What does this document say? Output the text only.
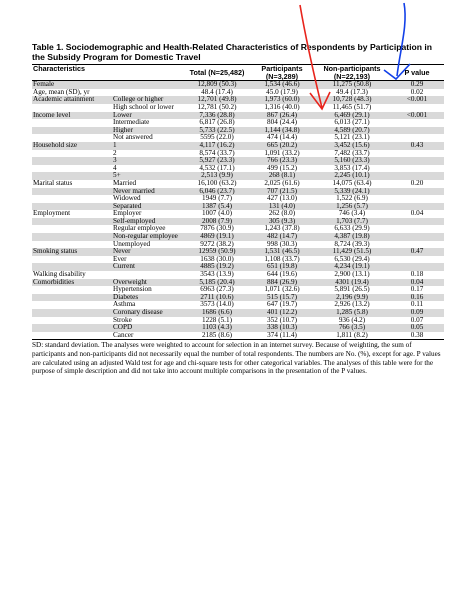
Table 1. Sociodemographic and Health-Related Characteristics of Respondents by Participation in the Subsidy Program for Domestic Travel
Characteristics		Total (N=25,482)	Participants (N=3,289)	Non-participants (N=22,193)	P value
Female		12,809 (50.3)	1,534 (46.6)	11,275 (50.8)	0.29
Age, mean (SD), yr		48.4 (17.4)	45.0 (17.9)	49.4 (17.3)	0.02
Academic attainment	College or higher	12,701 (49.8)	1,973 (60.0)	10,728 (48.3)	<0.001
	High school or lower	12,781 (50.2)	1,316 (40.0)	11,465 (51.7)	
Income level	Lower	7,336 (28.8)	867 (26.4)	6,469 (29.1)	<0.001
	Intermediate	6,817 (26.8)	804 (24.4)	6,013 (27.1)	
	Higher	5,733 (22.5)	1,144 (34.8)	4,589 (20.7)	
	Not answered	5595 (22.0)	474 (14.4)	5,121 (23.1)	
Household size	1	4,117 (16.2)	665 (20.2)	3,452 (15.6)	0.43
	2	8,574 (33.7)	1,091 (33.2)	7,482 (33.7)	
	3	5,927 (23.3)	766 (23.3)	5,160 (23.3)	
	4	4,532 (17.1)	499 (15.2)	3,853 (17.4)	
	5+	2,513 (9.9)	268 (8.1)	2,245 (10.1)	
Marital status	Married	16,100 (63.2)	2,025 (61.6)	14,075 (63.4)	0.20
	Never married	6,046 (23.7)	707 (21.5)	5,339 (24.1)	
	Widowed	1949 (7.7)	427 (13.0)	1,522 (6.9)	
	Separated	1387 (5.4)	131 (4.0)	1,256 (5.7)	
Employment	Employer	1007 (4.0)	262 (8.0)	746 (3.4)	0.04
	Self-employed	2008 (7.9)	305 (9.3)	1,703 (7.7)	
	Regular employee	7876 (30.9)	1,243 (37.8)	6,633 (29.9)	
	Non-regular employee	4869 (19.1)	482 (14.7)	4,387 (19.8)	
	Unemployed	9272 (38.2)	998 (30.3)	8,724 (39.3)	
Smoking status	Never	12959 (50.9)	1,531 (46.5)	11,429 (51.5)	0.47
	Ever	1638 (30.0)	1,108 (33.7)	6,530 (29.4)	
	Current	4885 (19.2)	651 (19.8)	4,234 (19.1)	
Walking disability		3543 (13.9)	644 (19.6)	2,900 (13.1)	0.18
Comorbidities	Overweight	5,185 (20.4)	884 (26.9)	4301 (19.4)	0.04
	Hypertension	6963 (27.3)	1,071 (32.6)	5,891 (26.5)	0.17
	Diabetes	2711 (10.6)	515 (15.7)	2,196 (9.9)	0.16
	Asthma	3573 (14.0)	647 (19.7)	2,926 (13.2)	0.11
	Coronary disease	1686 (6.6)	401 (12.2)	1,285 (5.8)	0.09
	Stroke	1228 (5.1)	352 (10.7)	936 (4.2)	0.07
	COPD	1103 (4.3)	338 (10.3)	766 (3.5)	0.05
	Cancer	2185 (8.6)	374 (11.4)	1,811 (8.2)	0.38
SD: standard deviation. The analyses were weighted to account for selection in an internet survey. Because of weighting, the sum of participants and non-participants did not necessarily equal the number of total respondents. The numbers are No. (%), except for age. P values are calculated using an adjusted Wald test for age and chi-square tests for other categorical variables. The analyses of this table were for the purpose of simple description and did not take into account multiple comparisons in the presentation of the P values.
